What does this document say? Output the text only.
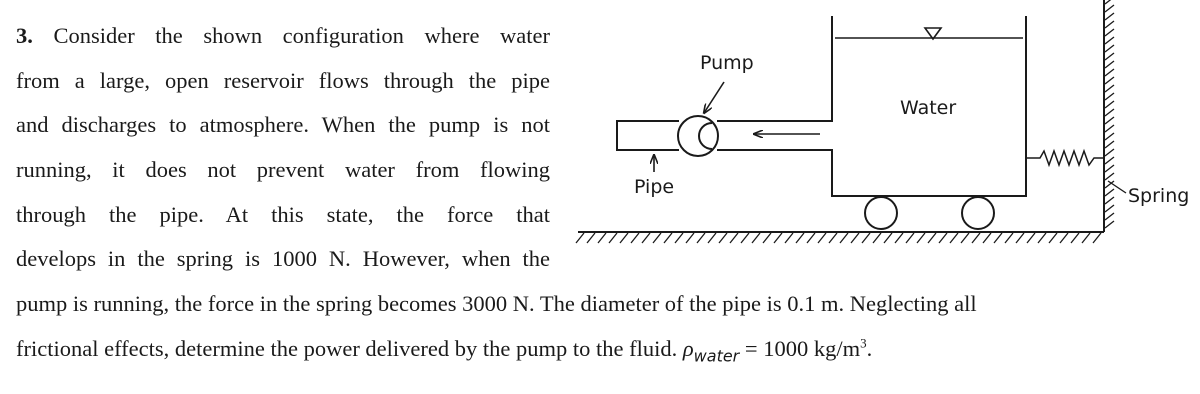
3. Consider the shown configuration where water
from a large, open reservoir flows through the pipe
and discharges to atmosphere. When the pump is not
running, it does not prevent water from flowing
through the pipe. At this state, the force that
develops in the spring is 1000 N. However, when the
pump is running, the force in the spring becomes 3000 N. The diameter of the pipe is 0.1 m. Neglecting all
frictional effects, determine the power delivered by the pump to the fluid. $\rho_{water} = 1000$ $kg/m^3$.
Pump
Water
Pipe	Spring
